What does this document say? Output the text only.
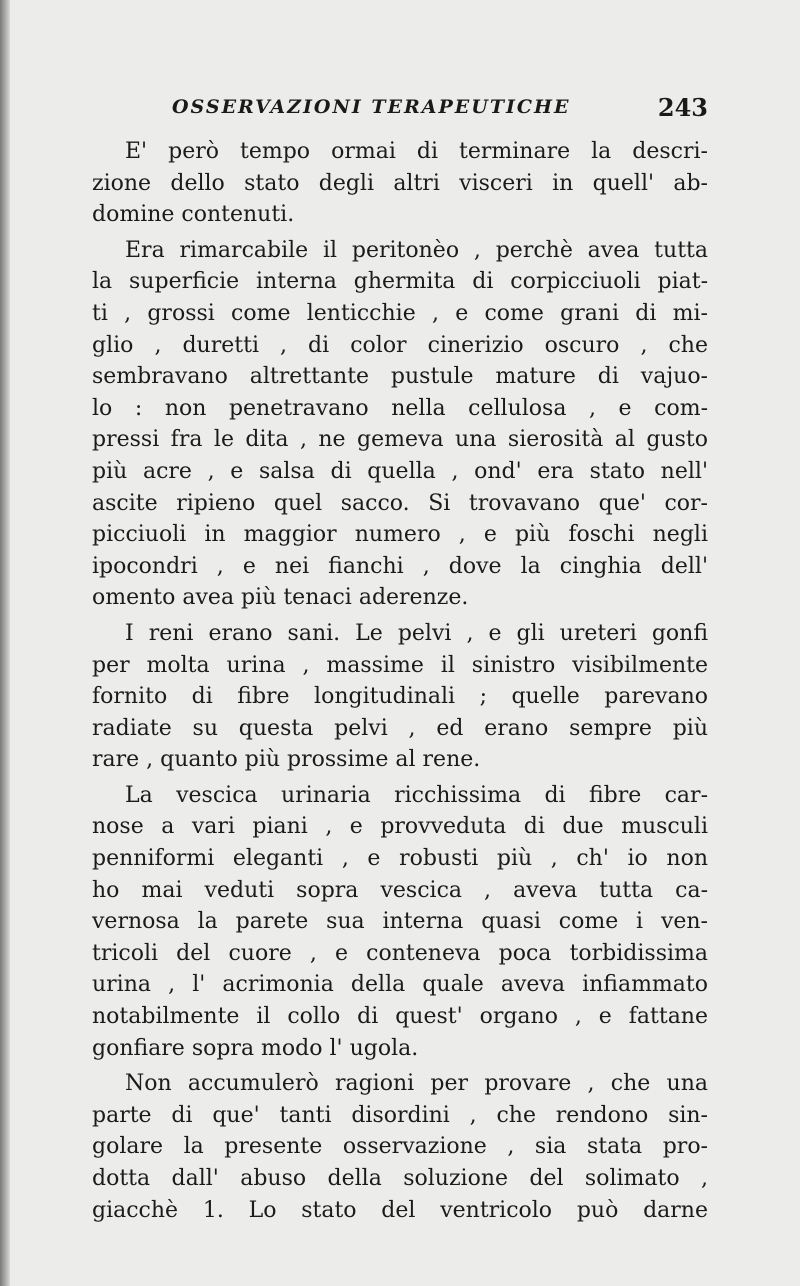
OSSERVAZIONI TERAPEUTICHE	243
E' però tempo ormai di terminare la descri-
zione dello stato degli altri visceri in quell' ab-
domine contenuti.
Era rimarcabile il peritonèo , perchè avea tutta
la superficie interna ghermita di corpicciuoli piat-
ti , grossi come lenticchie , e come grani di mi-
glio , duretti , di color cinerizio oscuro , che
sembravano altrettante pustule mature di vajuo-
lo : non penetravano nella cellulosa , e com-
pressi fra le dita , ne gemeva una sierosità al gusto
più acre , e salsa di quella , ond' era stato nell'
ascite ripieno quel sacco. Si trovavano que' cor-
picciuoli in maggior numero , e più foschi negli
ipocondri , e nei fianchi , dove la cinghia dell'
omento avea più tenaci aderenze.
I reni erano sani. Le pelvi , e gli ureteri gonfi
per molta urina , massime il sinistro visibilmente
fornito di fibre longitudinali ; quelle parevano
radiate su questa pelvi , ed erano sempre più
rare , quanto più prossime al rene.
La vescica urinaria ricchissima di fibre car-
nose a vari piani , e provveduta di due musculi
penniformi eleganti , e robusti più , ch' io non
ho mai veduti sopra vescica , aveva tutta ca-
vernosa la parete sua interna quasi come i ven-
tricoli del cuore , e conteneva poca torbidissima
urina , l' acrimonia della quale aveva infiammato
notabilmente il collo di quest' organo , e fattane
gonfiare sopra modo l' ugola.
Non accumulerò ragioni per provare , che una
parte di que' tanti disordini , che rendono sin-
golare la presente osservazione , sia stata pro-
dotta dall' abuso della soluzione del solimato ,
giacchè 1. Lo stato del ventricolo può darne
